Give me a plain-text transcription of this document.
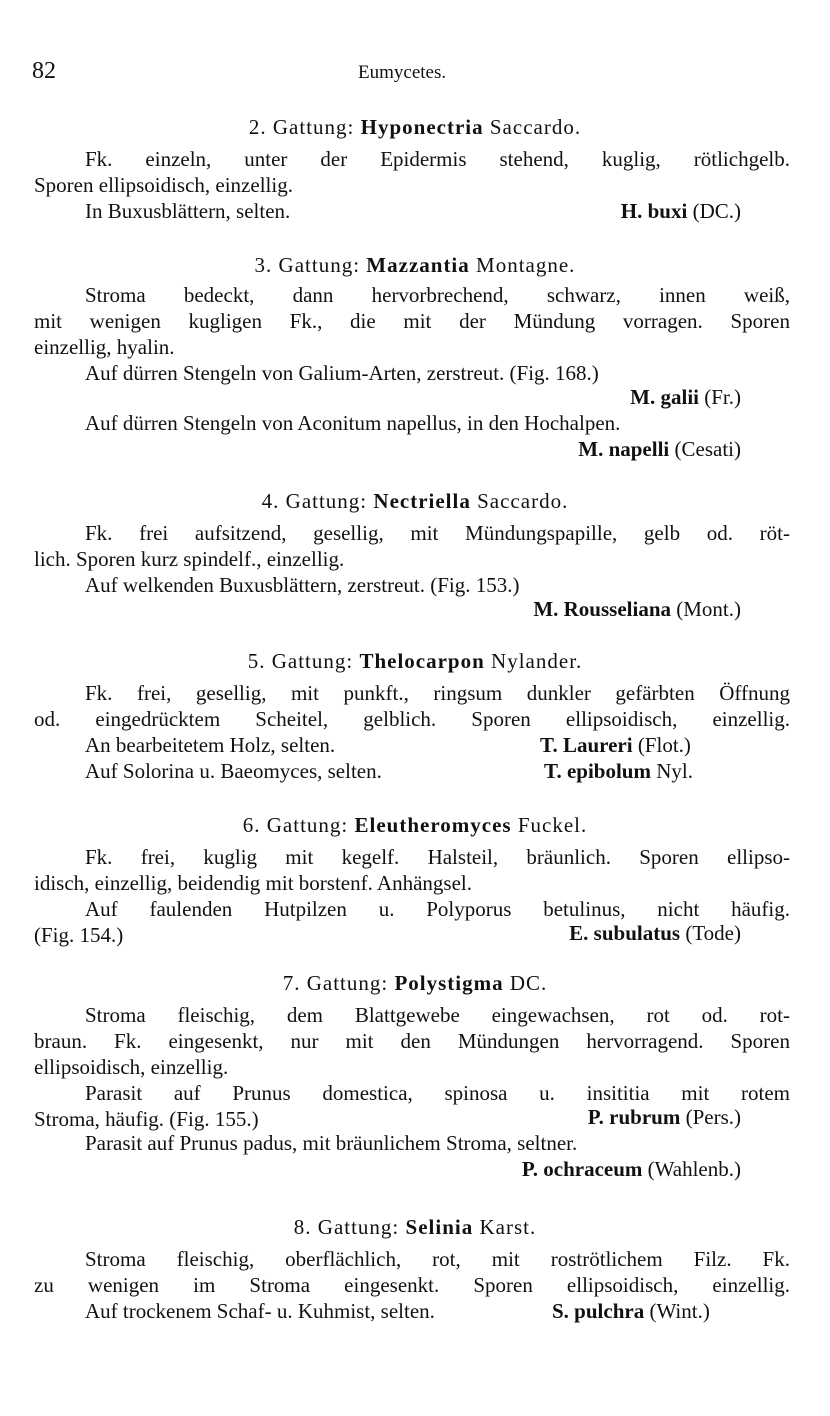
82	Eumycetes.
2. Gattung: Hyponectria Saccardo.
Fk. einzeln, unter der Epidermis stehend, kuglig, rötlichgelb.
Sporen ellipsoidisch, einzellig.
In Buxusblättern, selten.	H. buxi (DC.)
3. Gattung: Mazzantia Montagne.
Stroma bedeckt, dann hervorbrechend, schwarz, innen weiß,
mit wenigen kugligen Fk., die mit der Mündung vorragen. Sporen
einzellig, hyalin.
Auf dürren Stengeln von Galium-Arten, zerstreut. (Fig. 168.)
M. galii (Fr.)
Auf dürren Stengeln von Aconitum napellus, in den Hochalpen.
M. napelli (Cesati)
4. Gattung: Nectriella Saccardo.
Fk. frei aufsitzend, gesellig, mit Mündungspapille, gelb od. röt-
lich. Sporen kurz spindelf., einzellig.
Auf welkenden Buxusblättern, zerstreut. (Fig. 153.)
M. Rousseliana (Mont.)
5. Gattung: Thelocarpon Nylander.
Fk. frei, gesellig, mit punkft., ringsum dunkler gefärbten Öffnung
od. eingedrücktem Scheitel, gelblich. Sporen ellipsoidisch, einzellig.
An bearbeitetem Holz, selten.	T. Laureri (Flot.)
Auf Solorina u. Baeomyces, selten.	T. epibolum Nyl.
6. Gattung: Eleutheromyces Fuckel.
Fk. frei, kuglig mit kegelf. Halsteil, bräunlich. Sporen ellipso-
idisch, einzellig, beidendig mit borstenf. Anhängsel.
Auf faulenden Hutpilzen u. Polyporus betulinus, nicht häufig.
(Fig. 154.)	E. subulatus (Tode)
7. Gattung: Polystigma DC.
Stroma fleischig, dem Blattgewebe eingewachsen, rot od. rot-
braun. Fk. eingesenkt, nur mit den Mündungen hervorragend. Sporen
ellipsoidisch, einzellig.
Parasit auf Prunus domestica, spinosa u. insititia mit rotem
Stroma, häufig. (Fig. 155.)	P. rubrum (Pers.)
Parasit auf Prunus padus, mit bräunlichem Stroma, seltner.
P. ochraceum (Wahlenb.)
8. Gattung: Selinia Karst.
Stroma fleischig, oberflächlich, rot, mit roströtlichem Filz. Fk.
zu wenigen im Stroma eingesenkt. Sporen ellipsoidisch, einzellig.
Auf trockenem Schaf- u. Kuhmist, selten.	S. pulchra (Wint.)
